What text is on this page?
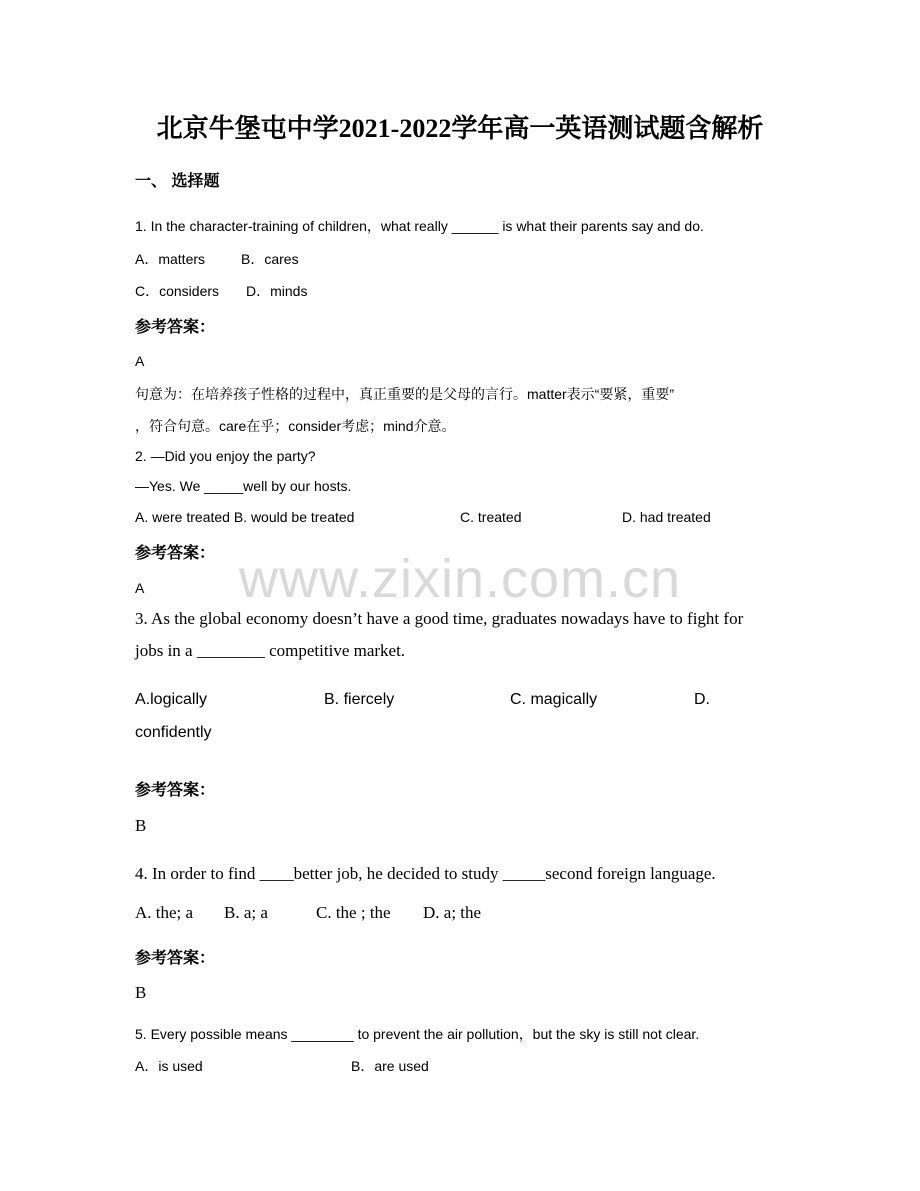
www.zixin.com.cn
北京牛堡屯中学2021-2022学年高一英语测试题含解析
一、 选择题
1. In the character-training of children，what really ______ is what their parents say and do.
A．matters	B．cares
C．considers D．minds
参考答案：
A
句意为：在培养孩子性格的过程中，真正重要的是父母的言行。matter表示“要紧，重要”
，符合句意。care在乎；consider考虑；mind介意。
2. —Did you enjoy the party?
—Yes. We _____well by our hosts.
A. were treated B. would be treated	C. treated	D. had treated
参考答案：
A
3. As the global economy doesn’t have a good time, graduates nowadays have to fight for
jobs in a ________ competitive market.
A.logically	B. fiercely	C. magically	D.
confidently
参考答案：
B
4. In order to find ____better job, he decided to study _____second foreign language.
A. the; a B. a; a	C. the ; the D. a; the
参考答案：
B
5. Every possible means ________ to prevent the air pollution，but the sky is still not clear.
A．is used	B．are used
